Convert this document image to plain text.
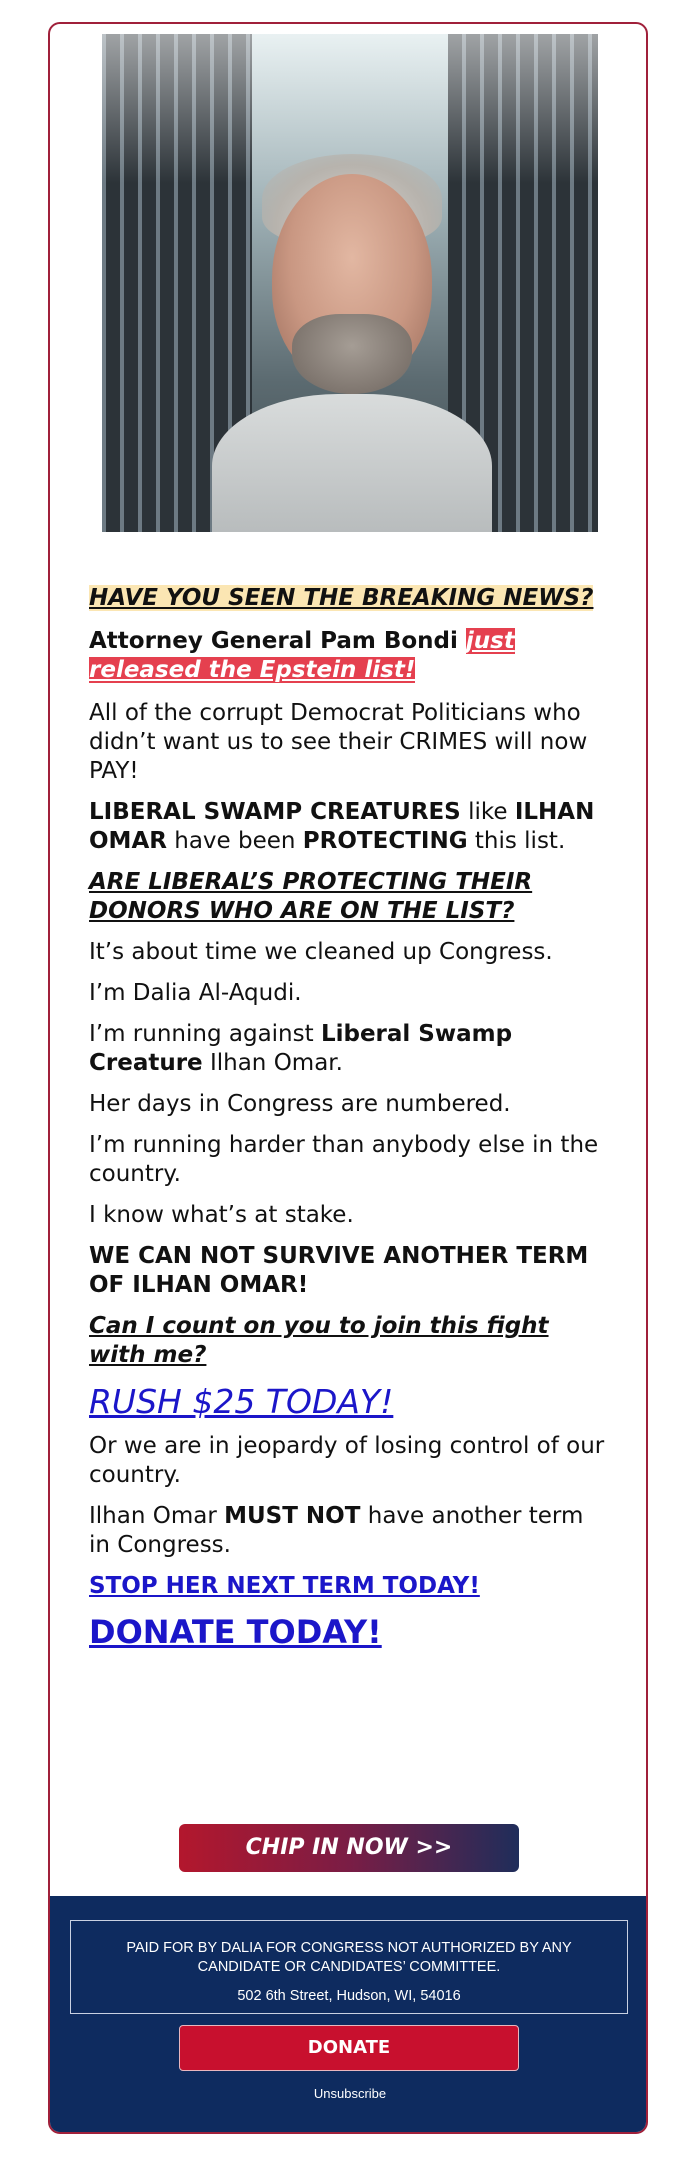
HAVE YOU SEEN THE BREAKING NEWS?

Attorney General Pam Bondi just released the Epstein list!

All of the corrupt Democrat Politicians who didn’t want us to see their CRIMES will now PAY!

LIBERAL SWAMP CREATURES like ILHAN OMAR have been PROTECTING this list.

ARE LIBERAL’S PROTECTING THEIR DONORS WHO ARE ON THE LIST?

It’s about time we cleaned up Congress.

I’m Dalia Al-Aqudi.

I’m running against Liberal Swamp Creature Ilhan Omar.

Her days in Congress are numbered.

I’m running harder than anybody else in the country.

I know what’s at stake.

WE CAN NOT SURVIVE ANOTHER TERM OF ILHAN OMAR!

Can I count on you to join this fight with me?

RUSH $25 TODAY!

Or we are in jeopardy of losing control of our country.

Ilhan Omar MUST NOT have another term in Congress.

STOP HER NEXT TERM TODAY!

DONATE TODAY!

CHIP IN NOW >>
PAID FOR BY DALIA FOR CONGRESS NOT AUTHORIZED BY ANY CANDIDATE OR CANDIDATES’ COMMITTEE.
502 6th Street, Hudson, WI, 54016
DONATE
Unsubscribe
